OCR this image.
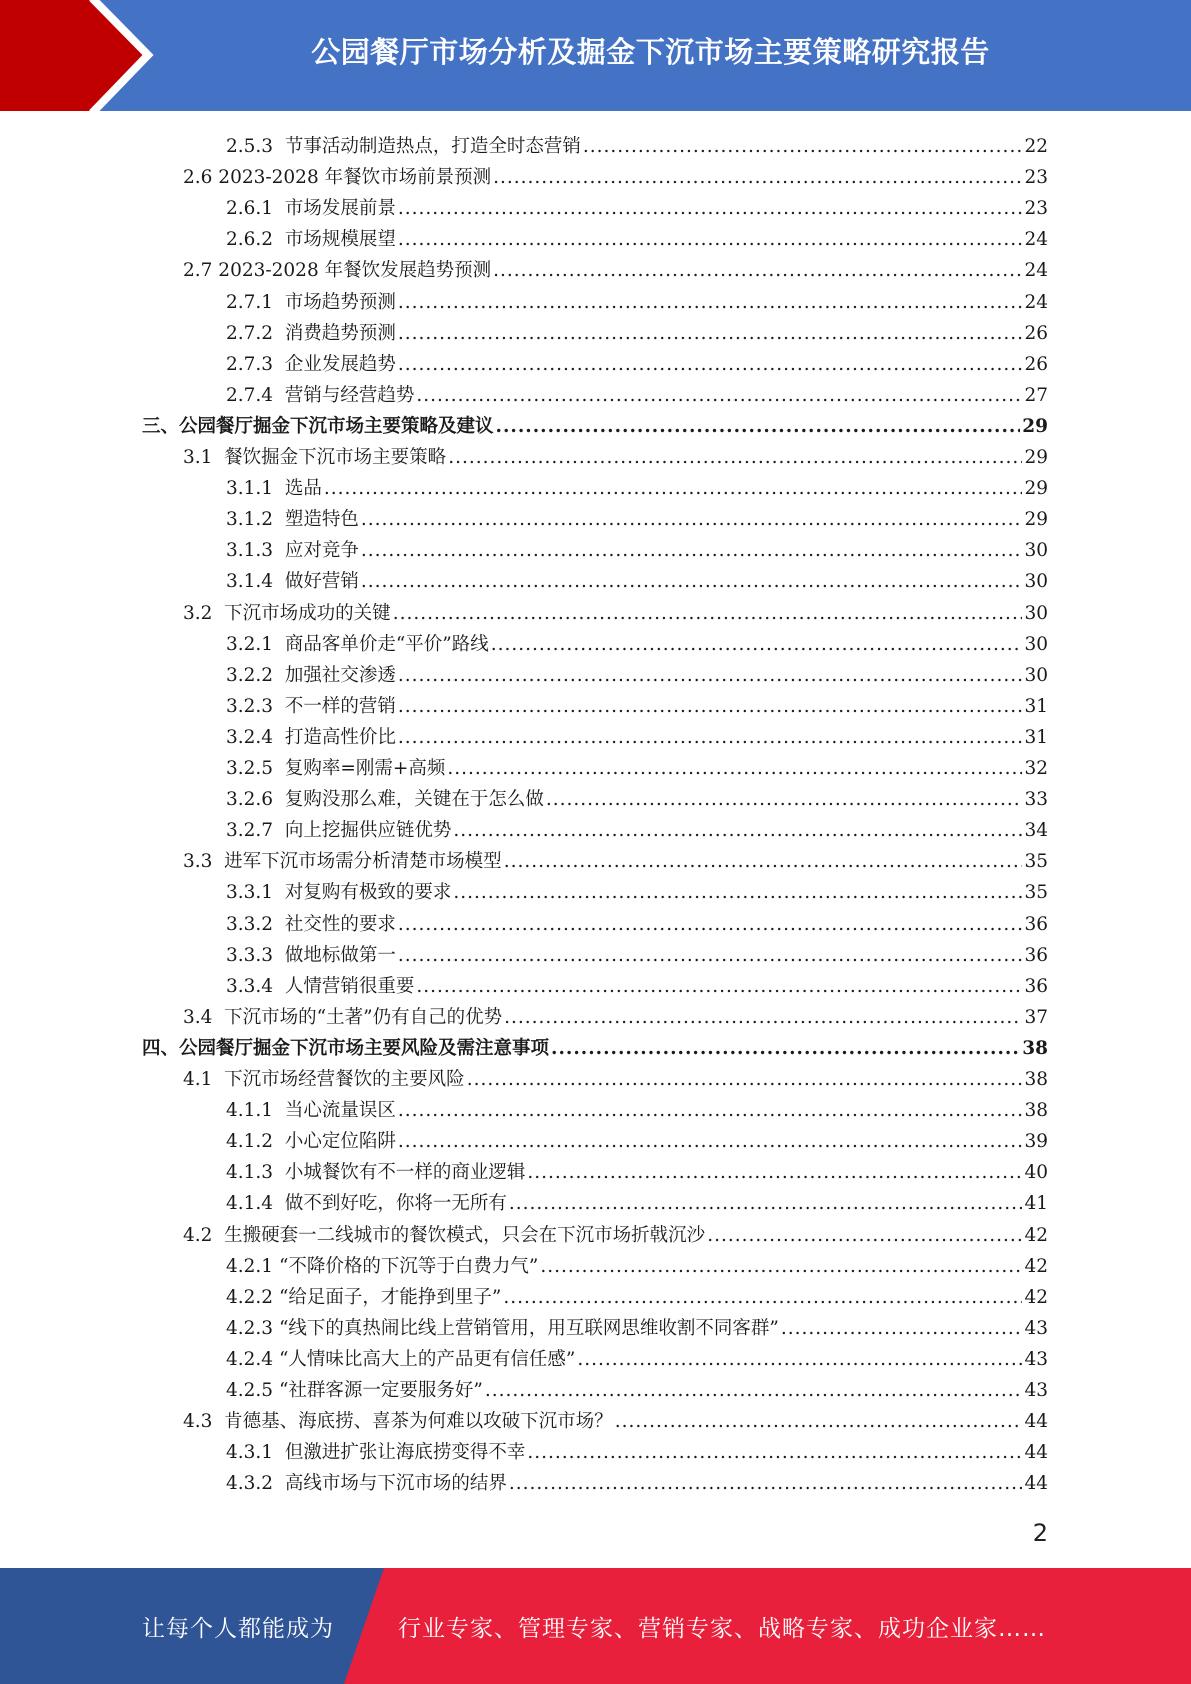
公园餐厅市场分析及掘金下沉市场主要策略研究报告
2.5.3  节事活动制造热点，打造全时态营销 .....	22
2.6 2023-2028 年餐饮市场前景预测 .....	23
2.6.1  市场发展前景 .....	23
2.6.2  市场规模展望 .....	24
2.7 2023-2028 年餐饮发展趋势预测 .....	24
2.7.1  市场趋势预测 .....	24
2.7.2  消费趋势预测 .....	26
2.7.3  企业发展趋势 .....	26
2.7.4  营销与经营趋势 .....	27
三、公园餐厅掘金下沉市场主要策略及建议 .....	29
3.1  餐饮掘金下沉市场主要策略 .....	29
3.1.1  选品 .....	29
3.1.2  塑造特色 .....	29
3.1.3  应对竞争 .....	30
3.1.4  做好营销 .....	30
3.2  下沉市场成功的关键 .....	30
3.2.1  商品客单价走“平价”路线 .....	30
3.2.2  加强社交渗透 .....	30
3.2.3  不一样的营销 .....	31
3.2.4  打造高性价比 .....	31
3.2.5  复购率=刚需+高频 .....	32
3.2.6  复购没那么难，关键在于怎么做 .....	33
3.2.7  向上挖掘供应链优势 .....	34
3.3  进军下沉市场需分析清楚市场模型 .....	35
3.3.1  对复购有极致的要求 .....	35
3.3.2  社交性的要求 .....	36
3.3.3  做地标做第一 .....	36
3.3.4  人情营销很重要 .....	36
3.4  下沉市场的“土著”仍有自己的优势 .....	37
四、公园餐厅掘金下沉市场主要风险及需注意事项 .....	38
4.1  下沉市场经营餐饮的主要风险 .....	38
4.1.1  当心流量误区 .....	38
4.1.2  小心定位陷阱 .....	39
4.1.3  小城餐饮有不一样的商业逻辑 .....	40
4.1.4  做不到好吃，你将一无所有 .....	41
4.2  生搬硬套一二线城市的餐饮模式，只会在下沉市场折戟沉沙 .....	42
4.2.1 “不降价格的下沉等于白费力气” .....	42
4.2.2 “给足面子，才能挣到里子” .....	42
4.2.3 “线下的真热闹比线上营销管用，用互联网思维收割不同客群” .....	43
4.2.4 “人情味比高大上的产品更有信任感” .....	43
4.2.5 “社群客源一定要服务好” .....	43
4.3  肯德基、海底捞、喜茶为何难以攻破下沉市场？ .....	44
4.3.1  但激进扩张让海底捞变得不幸 .....	44
4.3.2  高线市场与下沉市场的结界 .....	44
2
让每个人都能成为	行业专家、管理专家、营销专家、战略专家、成功企业家……
